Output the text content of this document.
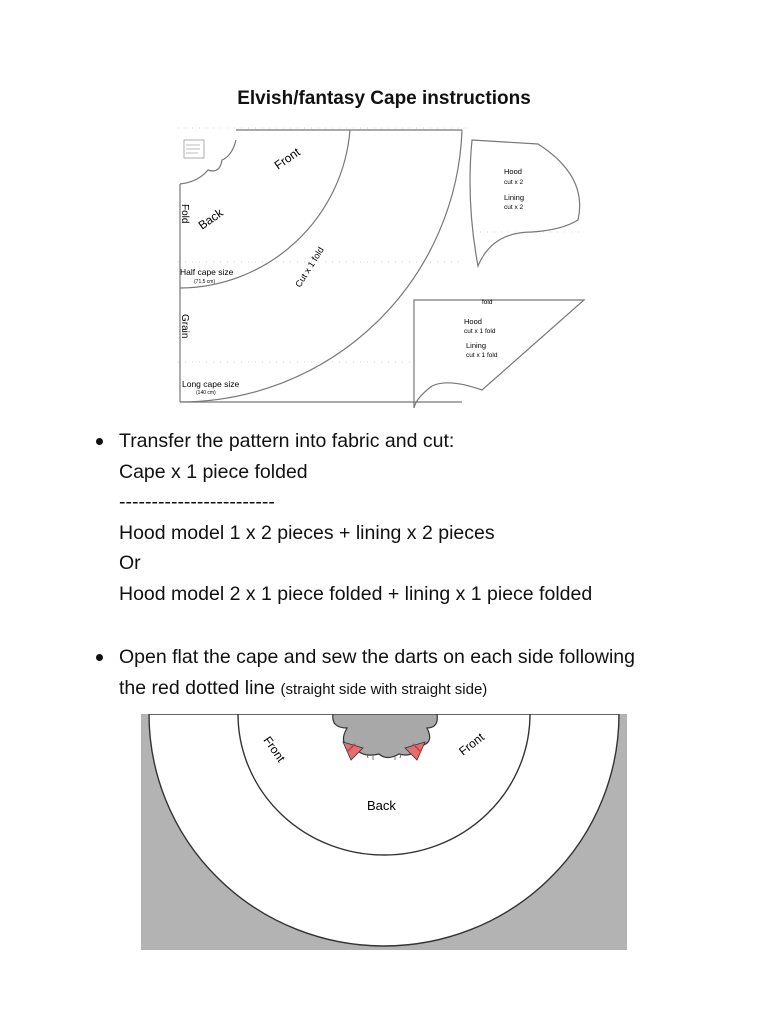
Elvish/fantasy Cape instructions
Front
Back
Fold
Grain
Half cape size
(71,5 cm)	Cut x 1 fold
Long cape size
(140 cm)
Hood
cut x 2
Lining
cut x 2
fold
Hood
cut x 1 fold
Lining
cut x 1 fold
Transfer the pattern into fabric and cut:
Cape x 1 piece folded
------------------------
Hood model 1 x 2 pieces + lining x 2 pieces
Or
Hood model 2 x 1 piece folded + lining x 1 piece folded
Open flat the cape and sew the darts on each side following
the red dotted line (straight side with straight side)
Front	Front
Back
